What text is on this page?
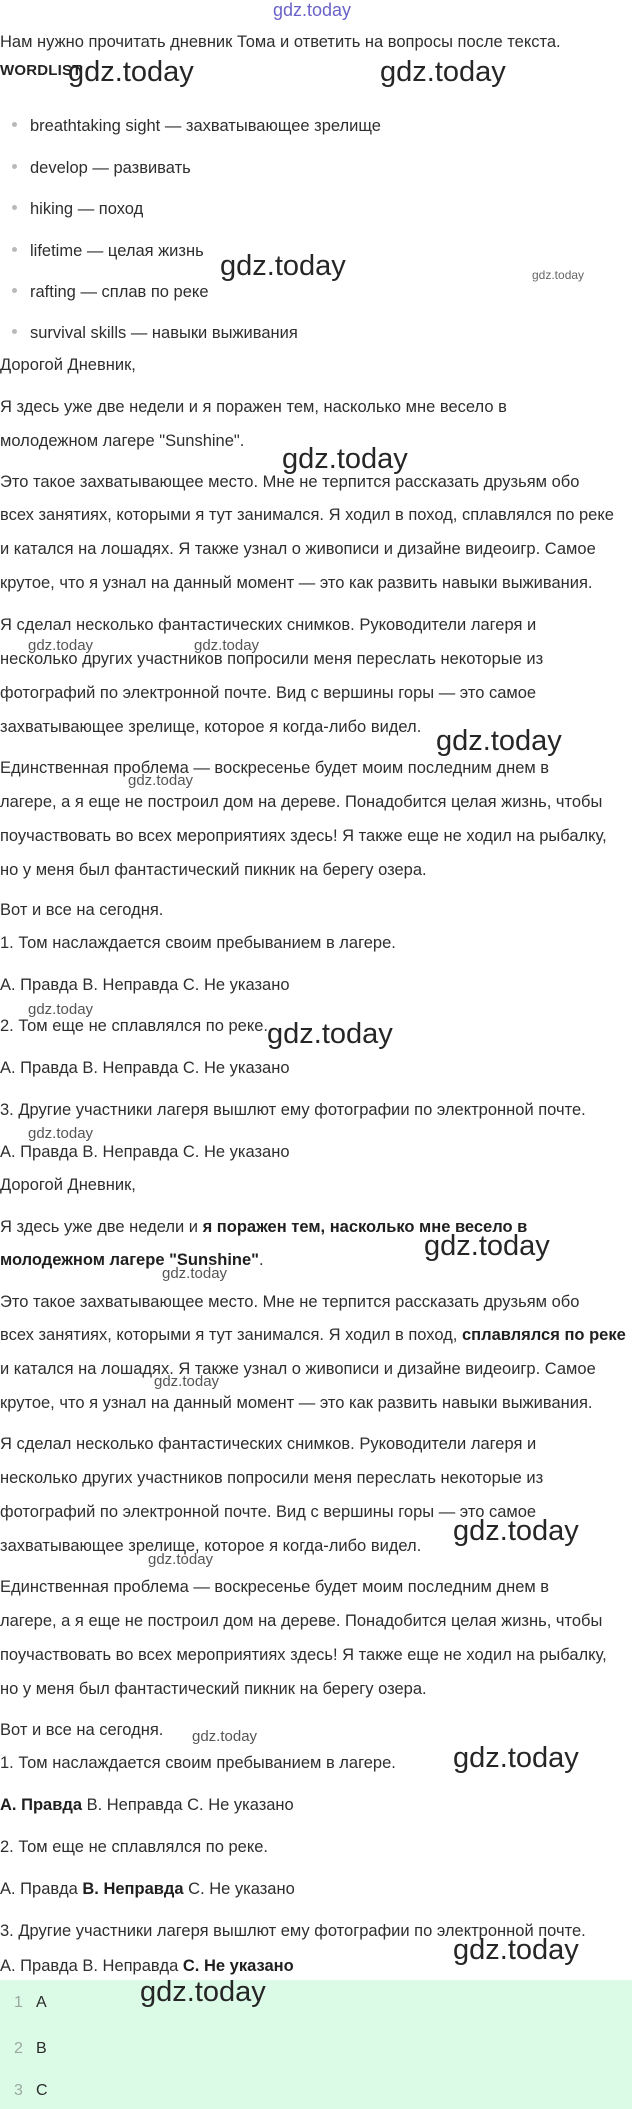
Нам нужно прочитать дневник Тома и ответить на вопросы после текста.
WORDLIST
breathtaking sight — захватывающее зрелище
develop — развивать
hiking — поход
lifetime — целая жизнь
rafting — сплав по реке
survival skills — навыки выживания
Дорогой Дневник,
Я здесь уже две недели и я поражен тем, насколько мне весело в
молодежном лагере "Sunshine".
Это такое захватывающее место. Мне не терпится рассказать друзьям обо
всех занятиях, которыми я тут занимался. Я ходил в поход, сплавлялся по реке
и катался на лошадях. Я также узнал о живописи и дизайне видеоигр. Самое
крутое, что я узнал на данный момент — это как развить навыки выживания.
Я сделал несколько фантастических снимков. Руководители лагеря и
несколько других участников попросили меня переслать некоторые из
фотографий по электронной почте. Вид с вершины горы — это самое
захватывающее зрелище, которое я когда-либо видел.
Единственная проблема — воскресенье будет моим последним днем в
лагере, а я еще не построил дом на дереве. Понадобится целая жизнь, чтобы
поучаствовать во всех мероприятиях здесь! Я также еще не ходил на рыбалку,
но у меня был фантастический пикник на берегу озера.
Вот и все на сегодня.
1. Том наслаждается своим пребыванием в лагере.
A. Правда B. Неправда C. Не указано
2. Том еще не сплавлялся по реке.
A. Правда B. Неправда C. Не указано
3. Другие участники лагеря вышлют ему фотографии по электронной почте.
A. Правда B. Неправда C. Не указано
Дорогой Дневник,
Я здесь уже две недели и я поражен тем, насколько мне весело в
молодежном лагере "Sunshine".
Это такое захватывающее место. Мне не терпится рассказать друзьям обо
всех занятиях, которыми я тут занимался. Я ходил в поход, сплавлялся по реке
и катался на лошадях. Я также узнал о живописи и дизайне видеоигр. Самое
крутое, что я узнал на данный момент — это как развить навыки выживания.
Я сделал несколько фантастических снимков. Руководители лагеря и
несколько других участников попросили меня переслать некоторые из
фотографий по электронной почте. Вид с вершины горы — это самое
захватывающее зрелище, которое я когда-либо видел.
Единственная проблема — воскресенье будет моим последним днем в
лагере, а я еще не построил дом на дереве. Понадобится целая жизнь, чтобы
поучаствовать во всех мероприятиях здесь! Я также еще не ходил на рыбалку,
но у меня был фантастический пикник на берегу озера.
Вот и все на сегодня.
1. Том наслаждается своим пребыванием в лагере.
A. Правда B. Неправда C. Не указано
2. Том еще не сплавлялся по реке.
A. Правда B. Неправда C. Не указано
3. Другие участники лагеря вышлют ему фотографии по электронной почте.
A. Правда B. Неправда C. Не указано
1 A
2 B
3 C
gdz.today
gdz.today	gdz.today
gdz.today	gdz.today
gdz.today
gdz.today	gdz.today
gdz.today
gdz.today
gdz.today
gdz.today
gdz.today
gdz.today
gdz.today
gdz.today
gdz.today
gdz.today
gdz.today
gdz.today
gdz.today
gdz.today
